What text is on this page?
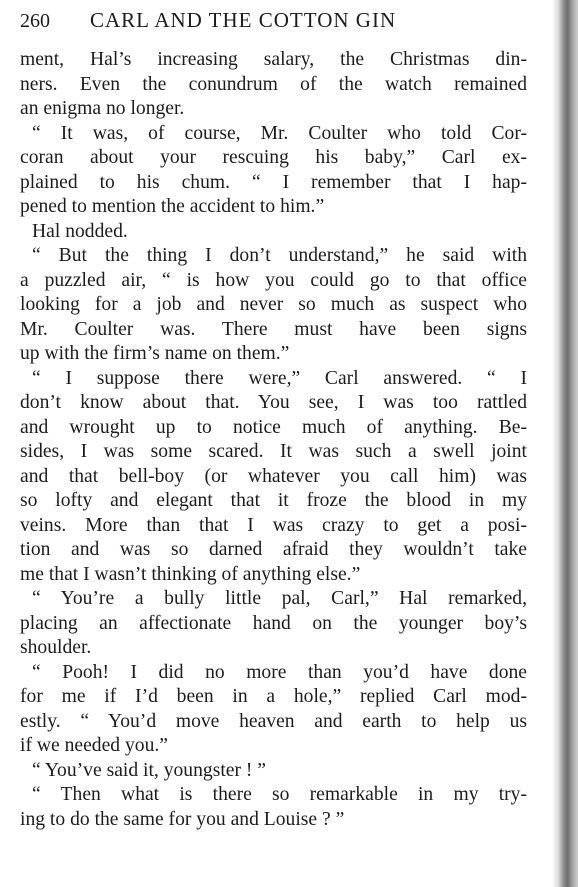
260 CARL AND THE COTTON GIN
ment, Hal’s increasing salary, the Christmas din-
ners. Even the conundrum of the watch remained
an enigma no longer.
“ It was, of course, Mr. Coulter who told Cor-
coran about your rescuing his baby,” Carl ex-
plained to his chum. “ I remember that I hap-
pened to mention the accident to him.”
Hal nodded.
“ But the thing I don’t understand,” he said with
a puzzled air, “ is how you could go to that office
looking for a job and never so much as suspect who
Mr. Coulter was. There must have been signs
up with the firm’s name on them.”
“ I suppose there were,” Carl answered. “ I
don’t know about that. You see, I was too rattled
and wrought up to notice much of anything. Be-
sides, I was some scared. It was such a swell joint
and that bell-boy (or whatever you call him) was
so lofty and elegant that it froze the blood in my
veins. More than that I was crazy to get a posi-
tion and was so darned afraid they wouldn’t take
me that I wasn’t thinking of anything else.”
“ You’re a bully little pal, Carl,” Hal remarked,
placing an affectionate hand on the younger boy’s
shoulder.
“ Pooh! I did no more than you’d have done
for me if I’d been in a hole,” replied Carl mod-
estly. “ You’d move heaven and earth to help us
if we needed you.”
“ You’ve said it, youngster ! ”
“ Then what is there so remarkable in my try-
ing to do the same for you and Louise ? ”
